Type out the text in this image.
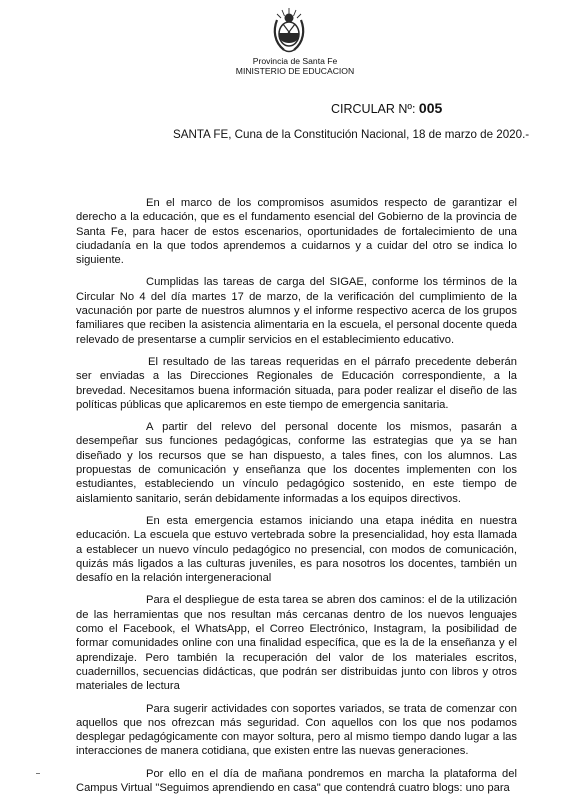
Provincia de Santa Fe
MINISTERIO DE EDUCACION
CIRCULAR Nº: 005
SANTA FE, Cuna de la Constitución Nacional, 18 de marzo de 2020.-

En el marco de los compromisos asumidos respecto de garantizar el derecho a la educación, que es el fundamento esencial del Gobierno de la provincia de Santa Fe, para hacer de estos escenarios, oportunidades de fortalecimiento de una ciudadanía en la que todos aprendemos a cuidarnos y a cuidar del otro se indica lo siguiente.

Cumplidas las tareas de carga del SIGAE, conforme los términos de la Circular No 4 del día martes 17 de marzo, de la verificación del cumplimiento de la vacunación por parte de nuestros alumnos y el informe respectivo acerca de los grupos familiares que reciben la asistencia alimentaria en la escuela, el personal docente queda relevado de presentarse a cumplir servicios en el establecimiento educativo.

El resultado de las tareas requeridas en el párrafo precedente deberán ser enviadas a las Direcciones Regionales de Educación correspondiente, a la brevedad. Necesitamos buena información situada, para poder realizar el diseño de las políticas públicas que aplicaremos en este tiempo de emergencia sanitaria.

A partir del relevo del personal docente los mismos, pasarán a desempeñar sus funciones pedagógicas, conforme las estrategias que ya se han diseñado y los recursos que se han dispuesto, a tales fines, con los alumnos. Las propuestas de comunicación y enseñanza que los docentes implementen con los estudiantes, estableciendo un vínculo pedagógico sostenido, en este tiempo de aislamiento sanitario, serán debidamente informadas a los equipos directivos.

En esta emergencia estamos iniciando una etapa inédita en nuestra educación. La escuela que estuvo vertebrada sobre la presencialidad, hoy esta llamada a establecer un nuevo vínculo pedagógico no presencial, con modos de comunicación, quizás más ligados a las culturas juveniles, es para nosotros los docentes, también un desafío en la relación intergeneracional

Para el despliegue de esta tarea se abren dos caminos: el de la utilización de las herramientas que nos resultan más cercanas dentro de los nuevos lenguajes como el Facebook, el WhatsApp, el Correo Electrónico, Instagram, la posibilidad de formar comunidades online con una finalidad específica, que es la de la enseñanza y el aprendizaje. Pero también la recuperación del valor de los materiales escritos, cuadernillos, secuencias didácticas, que podrán ser distribuidas junto con libros y otros materiales de lectura

Para sugerir actividades con soportes variados, se trata de comenzar con aquellos que nos ofrezcan más seguridad. Con aquellos con los que nos podamos desplegar pedagógicamente con mayor soltura, pero al mismo tiempo dando lugar a las interacciones de manera cotidiana, que existen entre las nuevas generaciones.

Por ello en el día de mañana pondremos en marcha la plataforma del Campus Virtual "Seguimos aprendiendo en casa" que contendrá cuatro blogs: uno para
